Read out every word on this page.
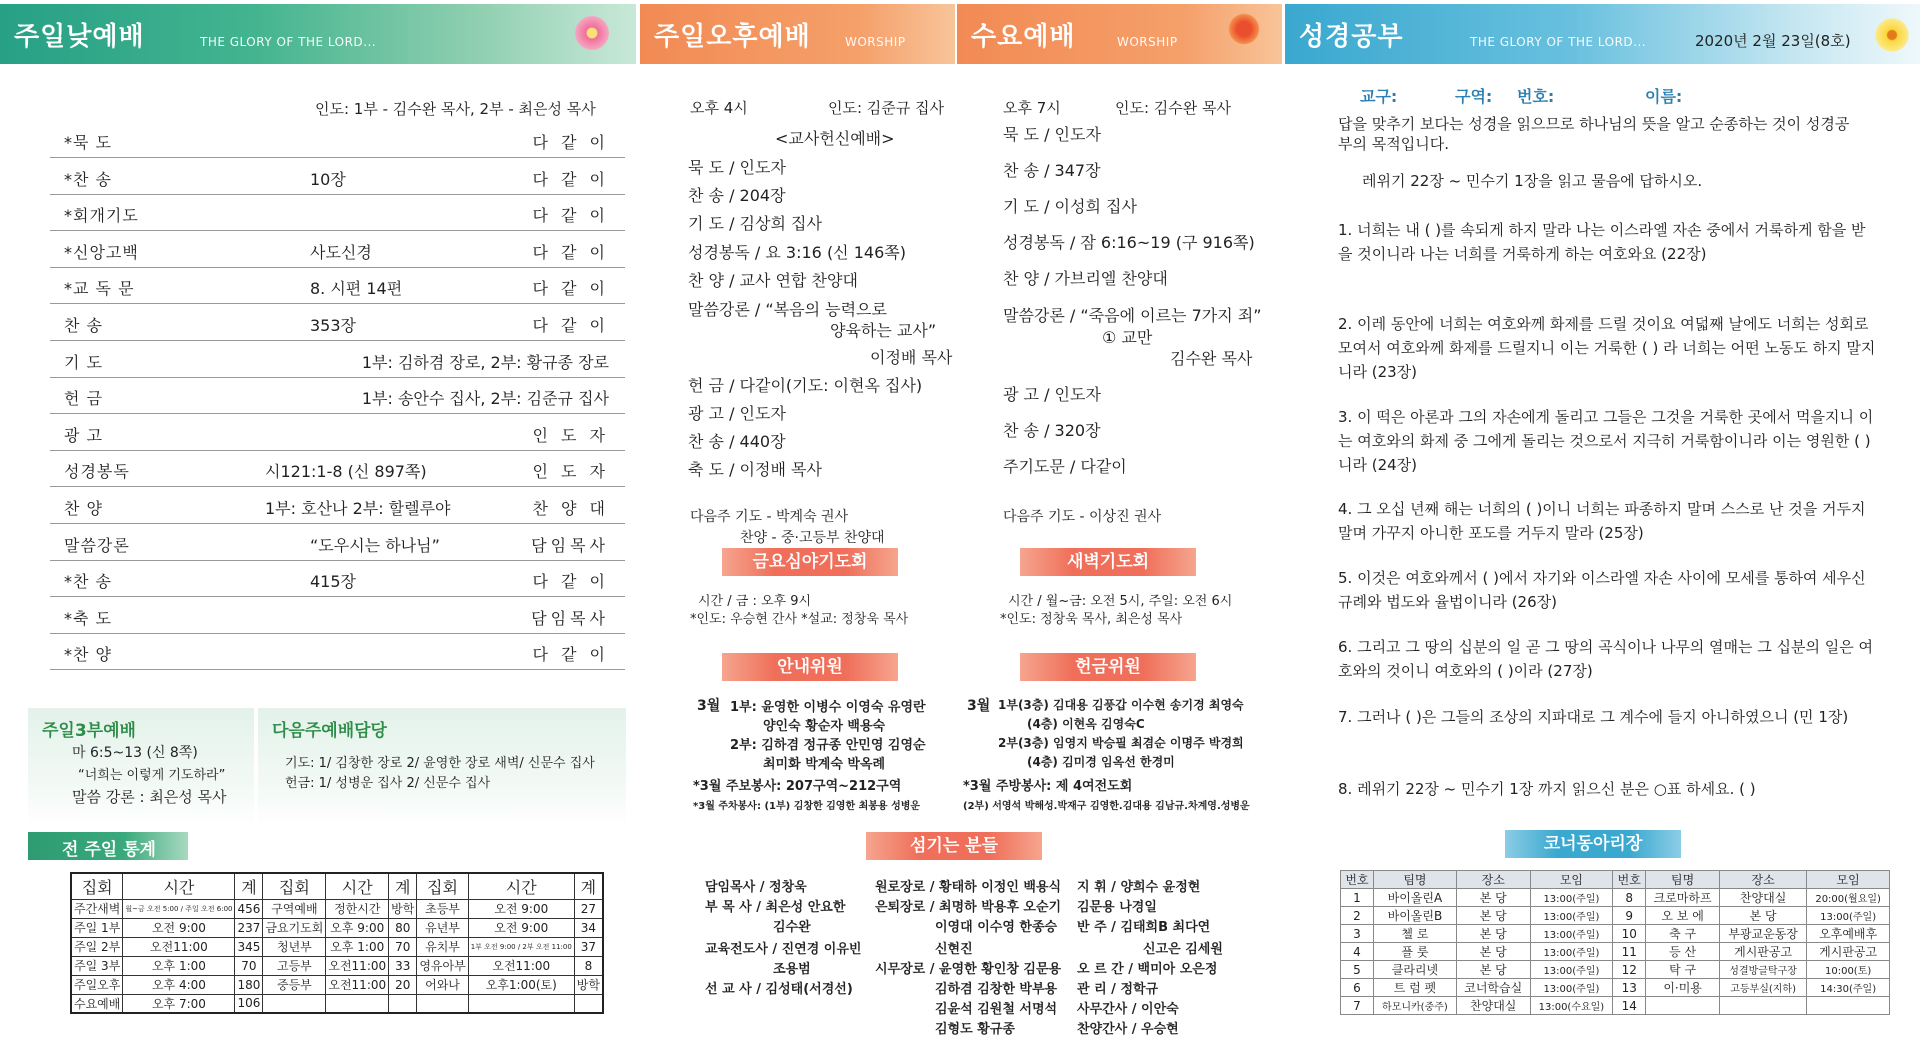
주일낮예배	THE GLORY OF THE LORD...	주일오후예배	WORSHIP	수요예배	WORSHIP	성경공부	THE GLORY OF THE LORD...	2020년 2월 23일(8호)
인도: 1부 - 김수완 목사, 2부 - 최은성 목사
*묵 도	다 같 이
*찬 송	10장	다 같 이
*회개기도	다 같 이
*신앙고백	사도신경	다 같 이
*교 독 문	8. 시편 14편	다 같 이
찬 송	353장	다 같 이
기 도	1부: 김하겸 장로, 2부: 황규종 장로
헌 금	1부: 송안수 집사, 2부: 김준규 집사
광 고	인 도 자
성경봉독	시121:1-8 (신 897쪽)	인 도 자
찬 양	1부: 호산나 2부: 할렐루야	찬 양 대
말씀강론	“도우시는 하나님”	담임목사
*찬 송	415장	다 같 이
*축 도	담임목사
*찬 양	다 같 이
주일3부예배
마 6:5~13 (신 8쪽)
“너희는 이렇게 기도하라”
말씀 강론 : 최은성 목사
다음주예배담당
기도: 1/ 김창한 장로 2/ 윤영한 장로 새벽/ 신문수 집사
헌금: 1/ 성병운 집사 2/ 신문수 집사
전 주일 통계
집회	시간	계	집회	시간	계	집회	시간	계
주간새벽	월~금 오전 5:00 / 주일 오전 6:00	456	구역예배	정한시간	방학	초등부	오전 9:00	27
주일 1부	오전 9:00	237	금요기도회	오후 9:00	80	유년부	오전 9:00	34
주일 2부	오전11:00	345	청년부	오후 1:00	70	유치부	1부 오전 9:00 / 2부 오전 11:00	37
주일 3부	오후 1:00	70	고등부	오전11:00	33	영유아부	오전11:00	8
주일오후	오후 4:00	180	중등부	오전11:00	20	어와나	오후1:00(토)	방학
수요예배	오후 7:00	106						
오후 4시	인도: 김준규 집사
<교사헌신예배>
묵 도 / 인도자
찬 송 / 204장
기 도 / 김상희 집사
성경봉독 / 요 3:16 (신 146쪽)
찬 양 / 교사 연합 찬양대
말씀강론 / “복음의 능력으로
양육하는 교사”
이정배 목사
헌 금 / 다같이(기도: 이현옥 집사)
광 고 / 인도자
찬 송 / 440장
축 도 / 이정배 목사
다음주 기도 - 박계숙 권사
찬양 - 중·고등부 찬양대
오후 7시	인도: 김수완 목사
묵 도 / 인도자
찬 송 / 347장
기 도 / 이성희 집사
성경봉독 / 잠 6:16~19 (구 916쪽)
찬 양 / 가브리엘 찬양대
말씀강론 / “죽음에 이르는 7가지 죄”
① 교만
김수완 목사
광 고 / 인도자
찬 송 / 320장
주기도문 / 다같이
다음주 기도 - 이상진 권사
금요심야기도회
시간 / 금 : 오후 9시
*인도: 우승현 간사 *설교: 정창욱 목사
새벽기도회
시간 / 월~금: 오전 5시, 주일: 오전 6시
*인도: 정창욱 목사, 최은성 목사
안내위원
3월 1부: 윤영한 이병수 이영숙 유영란
양인숙 황순자 백용숙
2부: 김하겸 정규종 안민영 김영순
최미화 박계숙 박옥례
*3월 주보봉사: 207구역~212구역
*3월 주차봉사: (1부) 김창한 김영한 최봉용 성병운
헌금위원
3월 1부(3층) 김대용 김풍갑 이수현 송기경 최영숙
(4층) 이현옥 김영숙C
2부(3층) 임영지 박승필 최겸순 이명주 박경희
(4층) 김미경 임옥선 한경미
*3월 주방봉사: 제 4여전도회
(2부) 서영석 박해성.박재구 김영한.김대용 김남규.차계영.성병운
섬기는 분들
담임목사 / 정창욱
부 목 사 / 최은성 안요한
김수완
교육전도사 / 진연경 이유빈
조용범
선 교 사 / 김성태(서경선)
원로장로 / 황태하 이정인 백용식
은퇴장로 / 최명하 박용후 오순기
이영대 이수영 한종승
신현진
시무장로 / 윤영한 황인창 김문용
김하겸 김창한 박부용
김윤석 김원철 서명석
김형도 황규종
지 휘 / 양희수 윤정현
김문용 나경일
반 주 / 김태희B 최다연
신고은 김세원
오 르 간 / 백미아 오은정
관 리 / 정학규
사무간사 / 이안숙
찬양간사 / 우승현
교구:	구역: 번호:	이름:
답을 맞추기 보다는 성경을 읽으므로 하나님의 뜻을 알고 순종하는 것이 성경공부의 목적입니다.
레위기 22장 ~ 민수기 1장을 읽고 물음에 답하시오.
1. 너희는 내 ( )를 속되게 하지 말라 나는 이스라엘 자손 중에서 거룩하게 함을 받을 것이니라 나는 너희를 거룩하게 하는 여호와요 (22장)
2. 이레 동안에 너희는 여호와께 화제를 드릴 것이요 여덟째 날에도 너희는 성회로 모여서 여호와께 화제를 드릴지니 이는 거룩한 ( ) 라 너희는 어떤 노동도 하지 말지니라 (23장)
3. 이 떡은 아론과 그의 자손에게 돌리고 그들은 그것을 거룩한 곳에서 먹을지니 이는 여호와의 화제 중 그에게 돌리는 것으로서 지극히 거룩함이니라 이는 영원한 ( )니라 (24장)
4. 그 오십 년째 해는 너희의 ( )이니 너희는 파종하지 말며 스스로 난 것을 거두지 말며 가꾸지 아니한 포도를 거두지 말라 (25장)
5. 이것은 여호와께서 ( )에서 자기와 이스라엘 자손 사이에 모세를 통하여 세우신 규례와 법도와 율법이니라 (26장)
6. 그리고 그 땅의 십분의 일 곧 그 땅의 곡식이나 나무의 열매는 그 십분의 일은 여호와의 것이니 여호와의 ( )이라 (27장)
7. 그러나 ( )은 그들의 조상의 지파대로 그 계수에 들지 아니하였으니 (민 1장)
8. 레위기 22장 ~ 민수기 1장 까지 읽으신 분은 ○표 하세요. ( )
코너동아리장
번호	팀명	장소	모임	번호	팀명	장소	모임
1	바이올린A	본 당	13:00(주일)	8	크로마하프	찬양대실	20:00(월요일)
2	바이올린B	본 당	13:00(주일)	9	오 보 에	본 당	13:00(주일)
3	첼 로	본 당	13:00(주일)	10	축 구	부광교운동장	오후예배후
4	플 룻	본 당	13:00(주일)	11	등 산	게시판공고	게시판공고
5	클라리넷	본 당	13:00(주일)	12	탁 구	성결방글탁구장	10:00(토)
6	트 럼 펫	코너학습실	13:00(주일)	13	이·미용	고등부실(지하)	14:30(주일)
7	하모니카(중주)	찬양대실	13:00(수요일)	14			
